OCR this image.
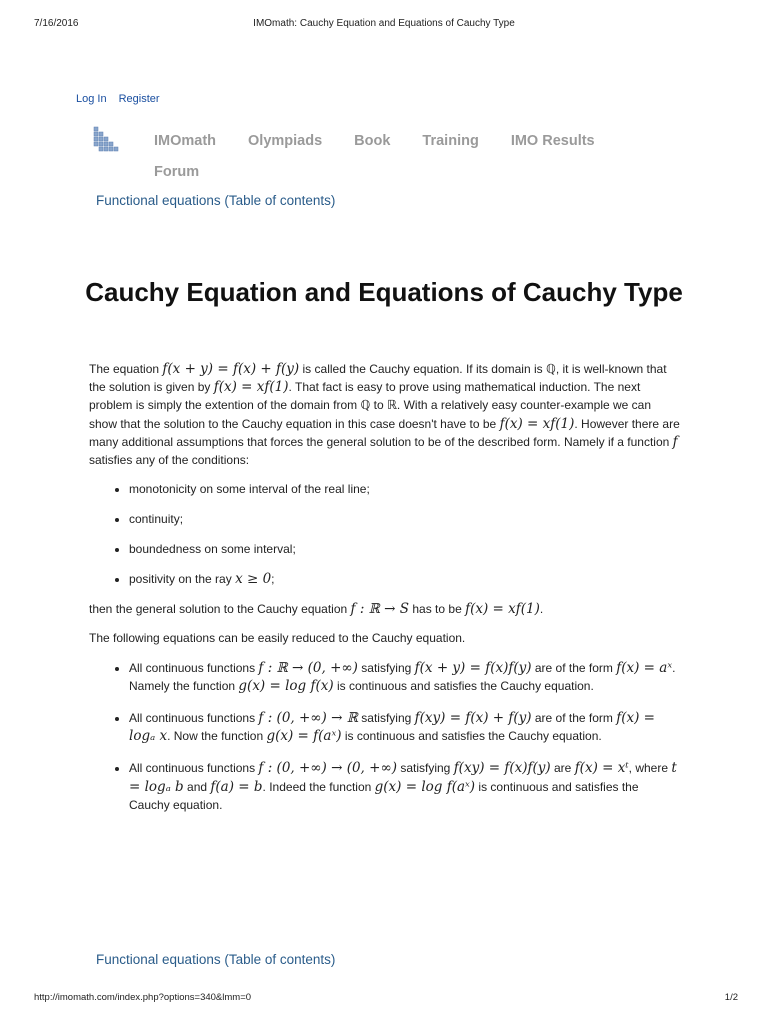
7/16/2016	IMOmath: Cauchy Equation and Equations of Cauchy Type
Log In Register
IMOmath Olympiads Book Training IMO ResultsForum
Functional equations (Table of contents)
Cauchy Equation and Equations of Cauchy Type

The equation f(x + y) = f(x) + f(y) is called the Cauchy equation. If its domain is ℚ, it is well-known that the solution is given by f(x) = xf(1). That fact is easy to prove using mathematical induction. The next problem is simply the extention of the domain from ℚ to ℝ. With a relatively easy counter-example we can show that the solution to the Cauchy equation in this case doesn't have to be f(x) = xf(1). However there are many additional assumptions that forces the general solution to be of the described form. Namely if a function f satisfies any of the conditions:

• monotonicity on some interval of the real line;
• continuity;
• boundedness on some interval;
• positivity on the ray x ≥ 0;

then the general solution to the Cauchy equation f : ℝ → S has to be f(x) = xf(1).

The following equations can be easily reduced to the Cauchy equation.

• All continuous functions f : ℝ → (0, +∞) satisfying f(x + y) = f(x)f(y) are of the form f(x) = aˣ. Namely the function g(x) = log f(x) is continuous and satisfies the Cauchy equation.
• All continuous functions f : (0, +∞) → ℝ satisfying f(xy) = f(x) + f(y) are of the form f(x) = logₐ x. Now the function g(x) = f(aˣ) is continuous and satisfies the Cauchy equation.
• All continuous functions f : (0, +∞) → (0, +∞) satisfying f(xy) = f(x)f(y) are f(x) = xᵗ, where t = logₐ b and f(a) = b. Indeed the function g(x) = log f(aˣ) is continuous and satisfies the Cauchy equation.
Functional equations (Table of contents)
http://imomath.com/index.php?options=340&lmm=0	1/2
